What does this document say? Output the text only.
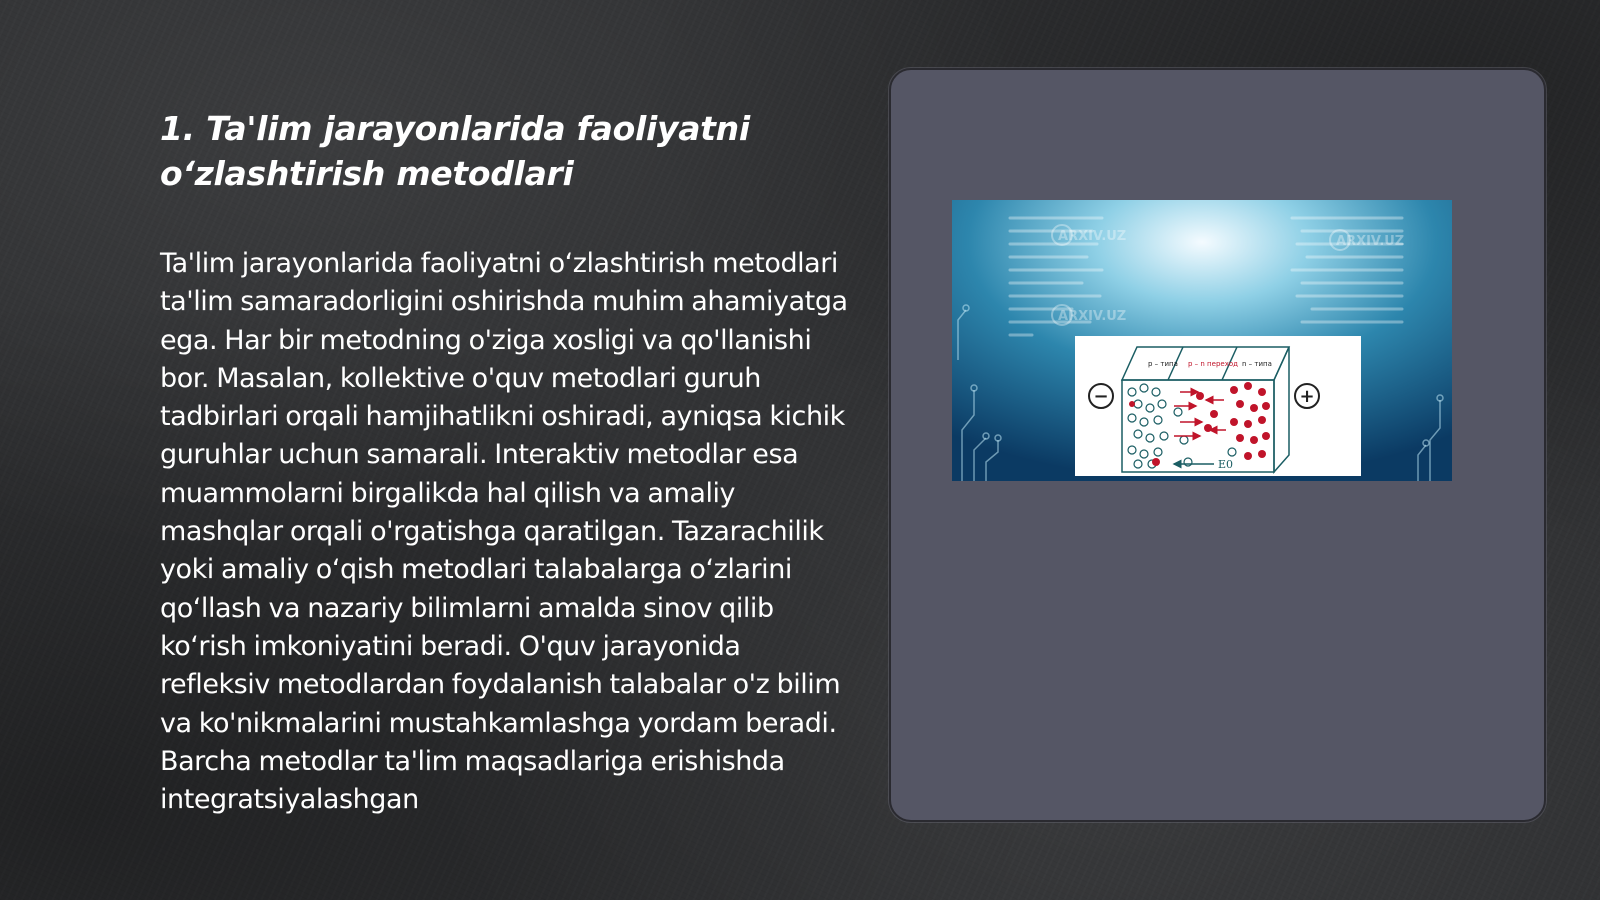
1. Ta'lim jarayonlarida faoliyatni o‘zlashtirish metodlari

Ta'lim jarayonlarida faoliyatni o‘zlashtirish metodlari ta'lim samaradorligini oshirishda muhim ahamiyatga ega. Har bir metodning o'ziga xosligi va qo'llanishi bor. Masalan, kollektive o'quv metodlari guruh tadbirlari orqali hamjihatlikni oshiradi, ayniqsa kichik guruhlar uchun samarali. Interaktiv metodlar esa muammolarni birgalikda hal qilish va amaliy mashqlar orqali o'rgatishga qaratilgan. Tazarachilik yoki amaliy o‘qish metodlari talabalarga o‘zlarini qo‘llash va nazariy bilimlarni amalda sinov qilib ko‘rish imkoniyatini beradi. O'quv jarayonida refleksiv metodlardan foydalanish talabalar o'z bilim va ko'nikmalarini mustahkamlashga yordam beradi. Barcha metodlar ta'lim maqsadlariga erishishda integratsiyalashgan

ARXIV.UZ
ARXIV.UZ
ARXIV.UZ
−	+
p – типа p – n переход n – типа
E0
